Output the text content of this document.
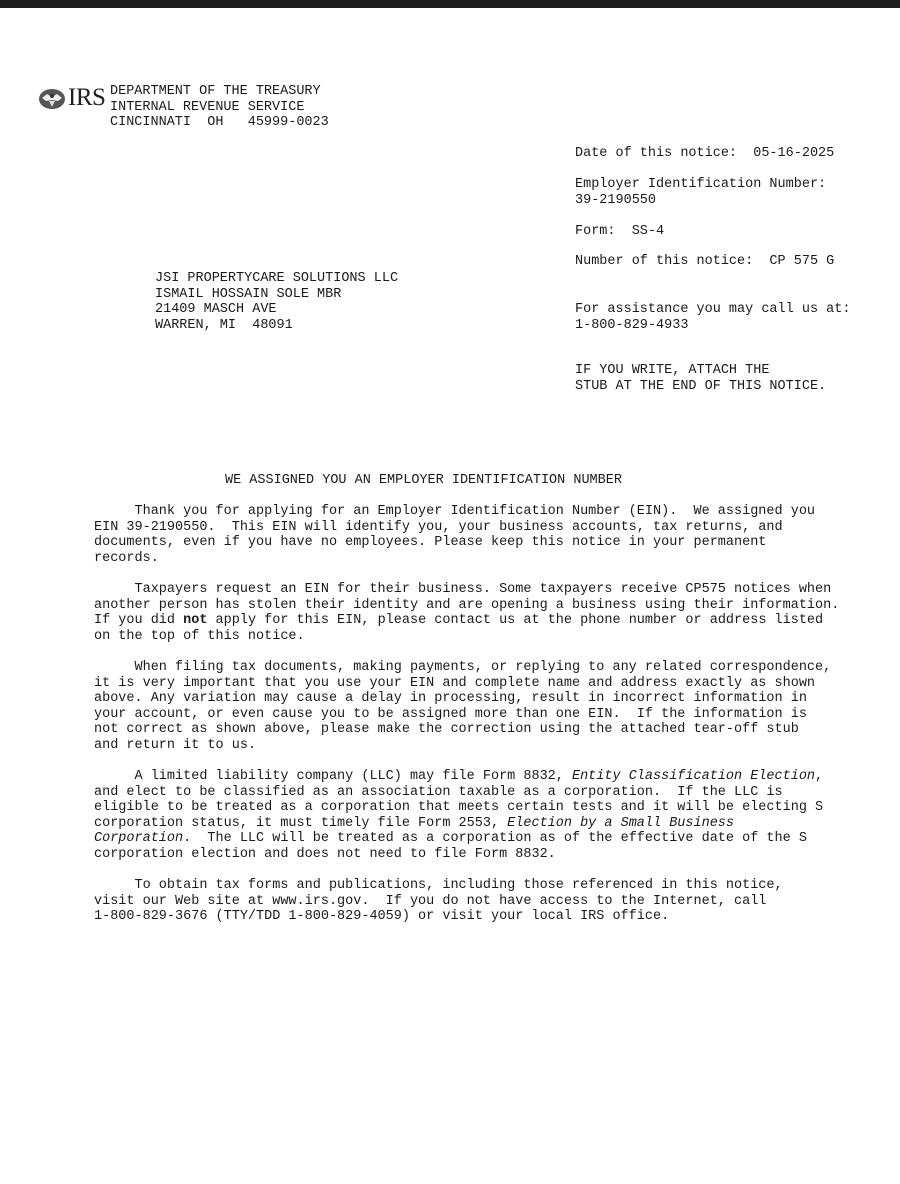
IRS DEPARTMENT OF THE TREASURY
INTERNAL REVENUE SERVICE
CINCINNATI  OH   45999-0023

Date of this notice:  05-16-2025

Employer Identification Number:

39-2190550

Form:  SS-4

Number of this notice:  CP 575 G

For assistance you may call us at:

1-800-829-4933

IF YOU WRITE, ATTACH THE

STUB AT THE END OF THIS NOTICE.

JSI PROPERTYCARE SOLUTIONS LLC
ISMAIL HOSSAIN SOLE MBR
21409 MASCH AVE
WARREN, MI  48091
WE ASSIGNED YOU AN EMPLOYER IDENTIFICATION NUMBER
Thank you for applying for an Employer Identification Number (EIN).  We assigned you
EIN 39-2190550.  This EIN will identify you, your business accounts, tax returns, and
documents, even if you have no employees. Please keep this notice in your permanent
records.
Taxpayers request an EIN for their business. Some taxpayers receive CP575 notices when
another person has stolen their identity and are opening a business using their information.
If you did not apply for this EIN, please contact us at the phone number or address listed
on the top of this notice.
When filing tax documents, making payments, or replying to any related correspondence,
it is very important that you use your EIN and complete name and address exactly as shown
above. Any variation may cause a delay in processing, result in incorrect information in
your account, or even cause you to be assigned more than one EIN.  If the information is
not correct as shown above, please make the correction using the attached tear-off stub
and return it to us.
A limited liability company (LLC) may file Form 8832, Entity Classification Election,
and elect to be classified as an association taxable as a corporation.  If the LLC is
eligible to be treated as a corporation that meets certain tests and it will be electing S
corporation status, it must timely file Form 2553, Election by a Small Business
Corporation.  The LLC will be treated as a corporation as of the effective date of the S
corporation election and does not need to file Form 8832.
To obtain tax forms and publications, including those referenced in this notice,
visit our Web site at www.irs.gov.  If you do not have access to the Internet, call
1-800-829-3676 (TTY/TDD 1-800-829-4059) or visit your local IRS office.
